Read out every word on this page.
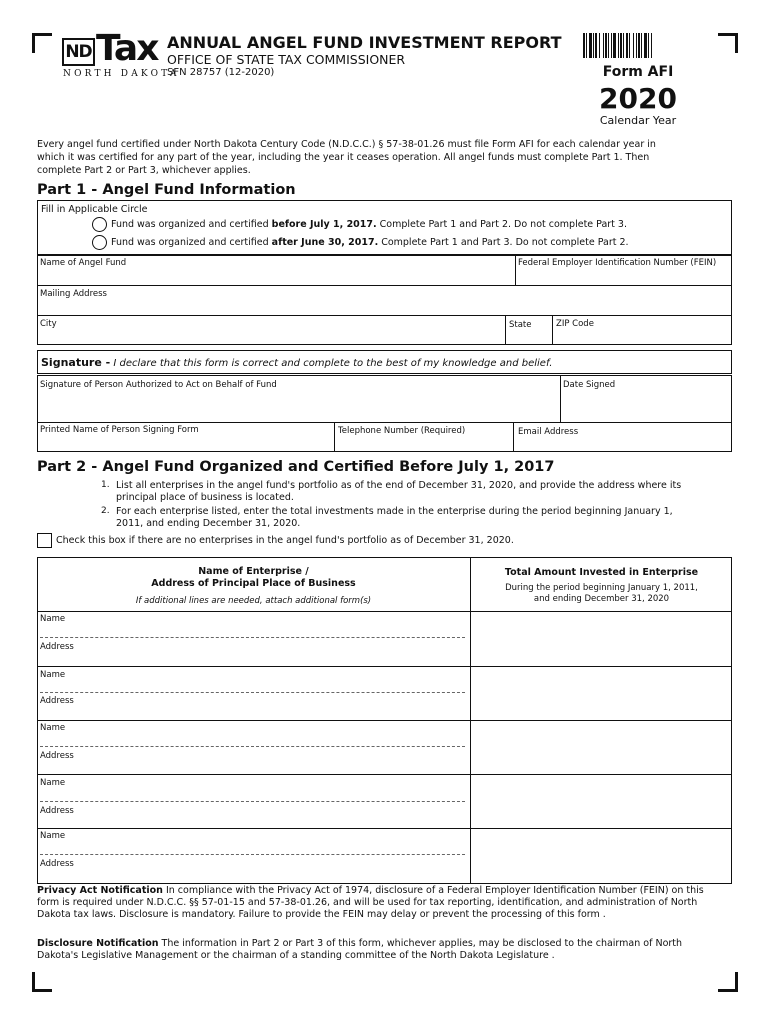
ND Tax
NORTH DAKOTA
ANNUAL ANGEL FUND INVESTMENT REPORT
OFFICE OF STATE TAX COMMISSIONER
SFN 28757 (12-2020)	Form AFI
2020
Calendar Year
Every angel fund certified under North Dakota Century Code (N.D.C.C.) § 57-38-01.26 must file Form AFI for each calendar year in which it was certified for any part of the year, including the year it ceases operation. All angel funds must complete Part 1. Then complete Part 2 or Part 3, whichever applies.
Part 1 - Angel Fund Information
Fill in Applicable Circle
Fund was organized and certified before July 1, 2017. Complete Part 1 and Part 2. Do not complete Part 3.
Fund was organized and certified after June 30, 2017. Complete Part 1 and Part 3. Do not complete Part 2.
Name of Angel Fund	Federal Employer Identification Number (FEIN)
Mailing Address
City	State	ZIP Code
Signature - I declare that this form is correct and complete to the best of my knowledge and belief.
Signature of Person Authorized to Act on Behalf of Fund	Date Signed
Printed Name of Person Signing Form	Telephone Number (Required)	Email Address
Part 2 - Angel Fund Organized and Certified Before July 1, 2017
1. List all enterprises in the angel fund's portfolio as of the end of December 31, 2020, and provide the address where its principal place of business is located.
2. For each enterprise listed, enter the total investments made in the enterprise during the period beginning January 1, 2011, and ending December 31, 2020.
Check this box if there are no enterprises in the angel fund's portfolio as of December 31, 2020.
Name of Enterprise /
Address of Principal Place of Business
If additional lines are needed, attach additional form(s)
Total Amount Invested in Enterprise
During the period beginning January 1, 2011,
and ending December 31, 2020
Name
Address
Name
Address
Name
Address
Name
Address
Name
Address
Privacy Act Notification In compliance with the Privacy Act of 1974, disclosure of a Federal Employer Identification Number (FEIN) on this form is required under N.D.C.C. §§ 57-01-15 and 57-38-01.26, and will be used for tax reporting, identification, and administration of North Dakota tax laws. Disclosure is mandatory. Failure to provide the FEIN may delay or prevent the processing of this form .
Disclosure Notification The information in Part 2 or Part 3 of this form, whichever applies, may be disclosed to the chairman of North Dakota's Legislative Management or the chairman of a standing committee of the North Dakota Legislature .
